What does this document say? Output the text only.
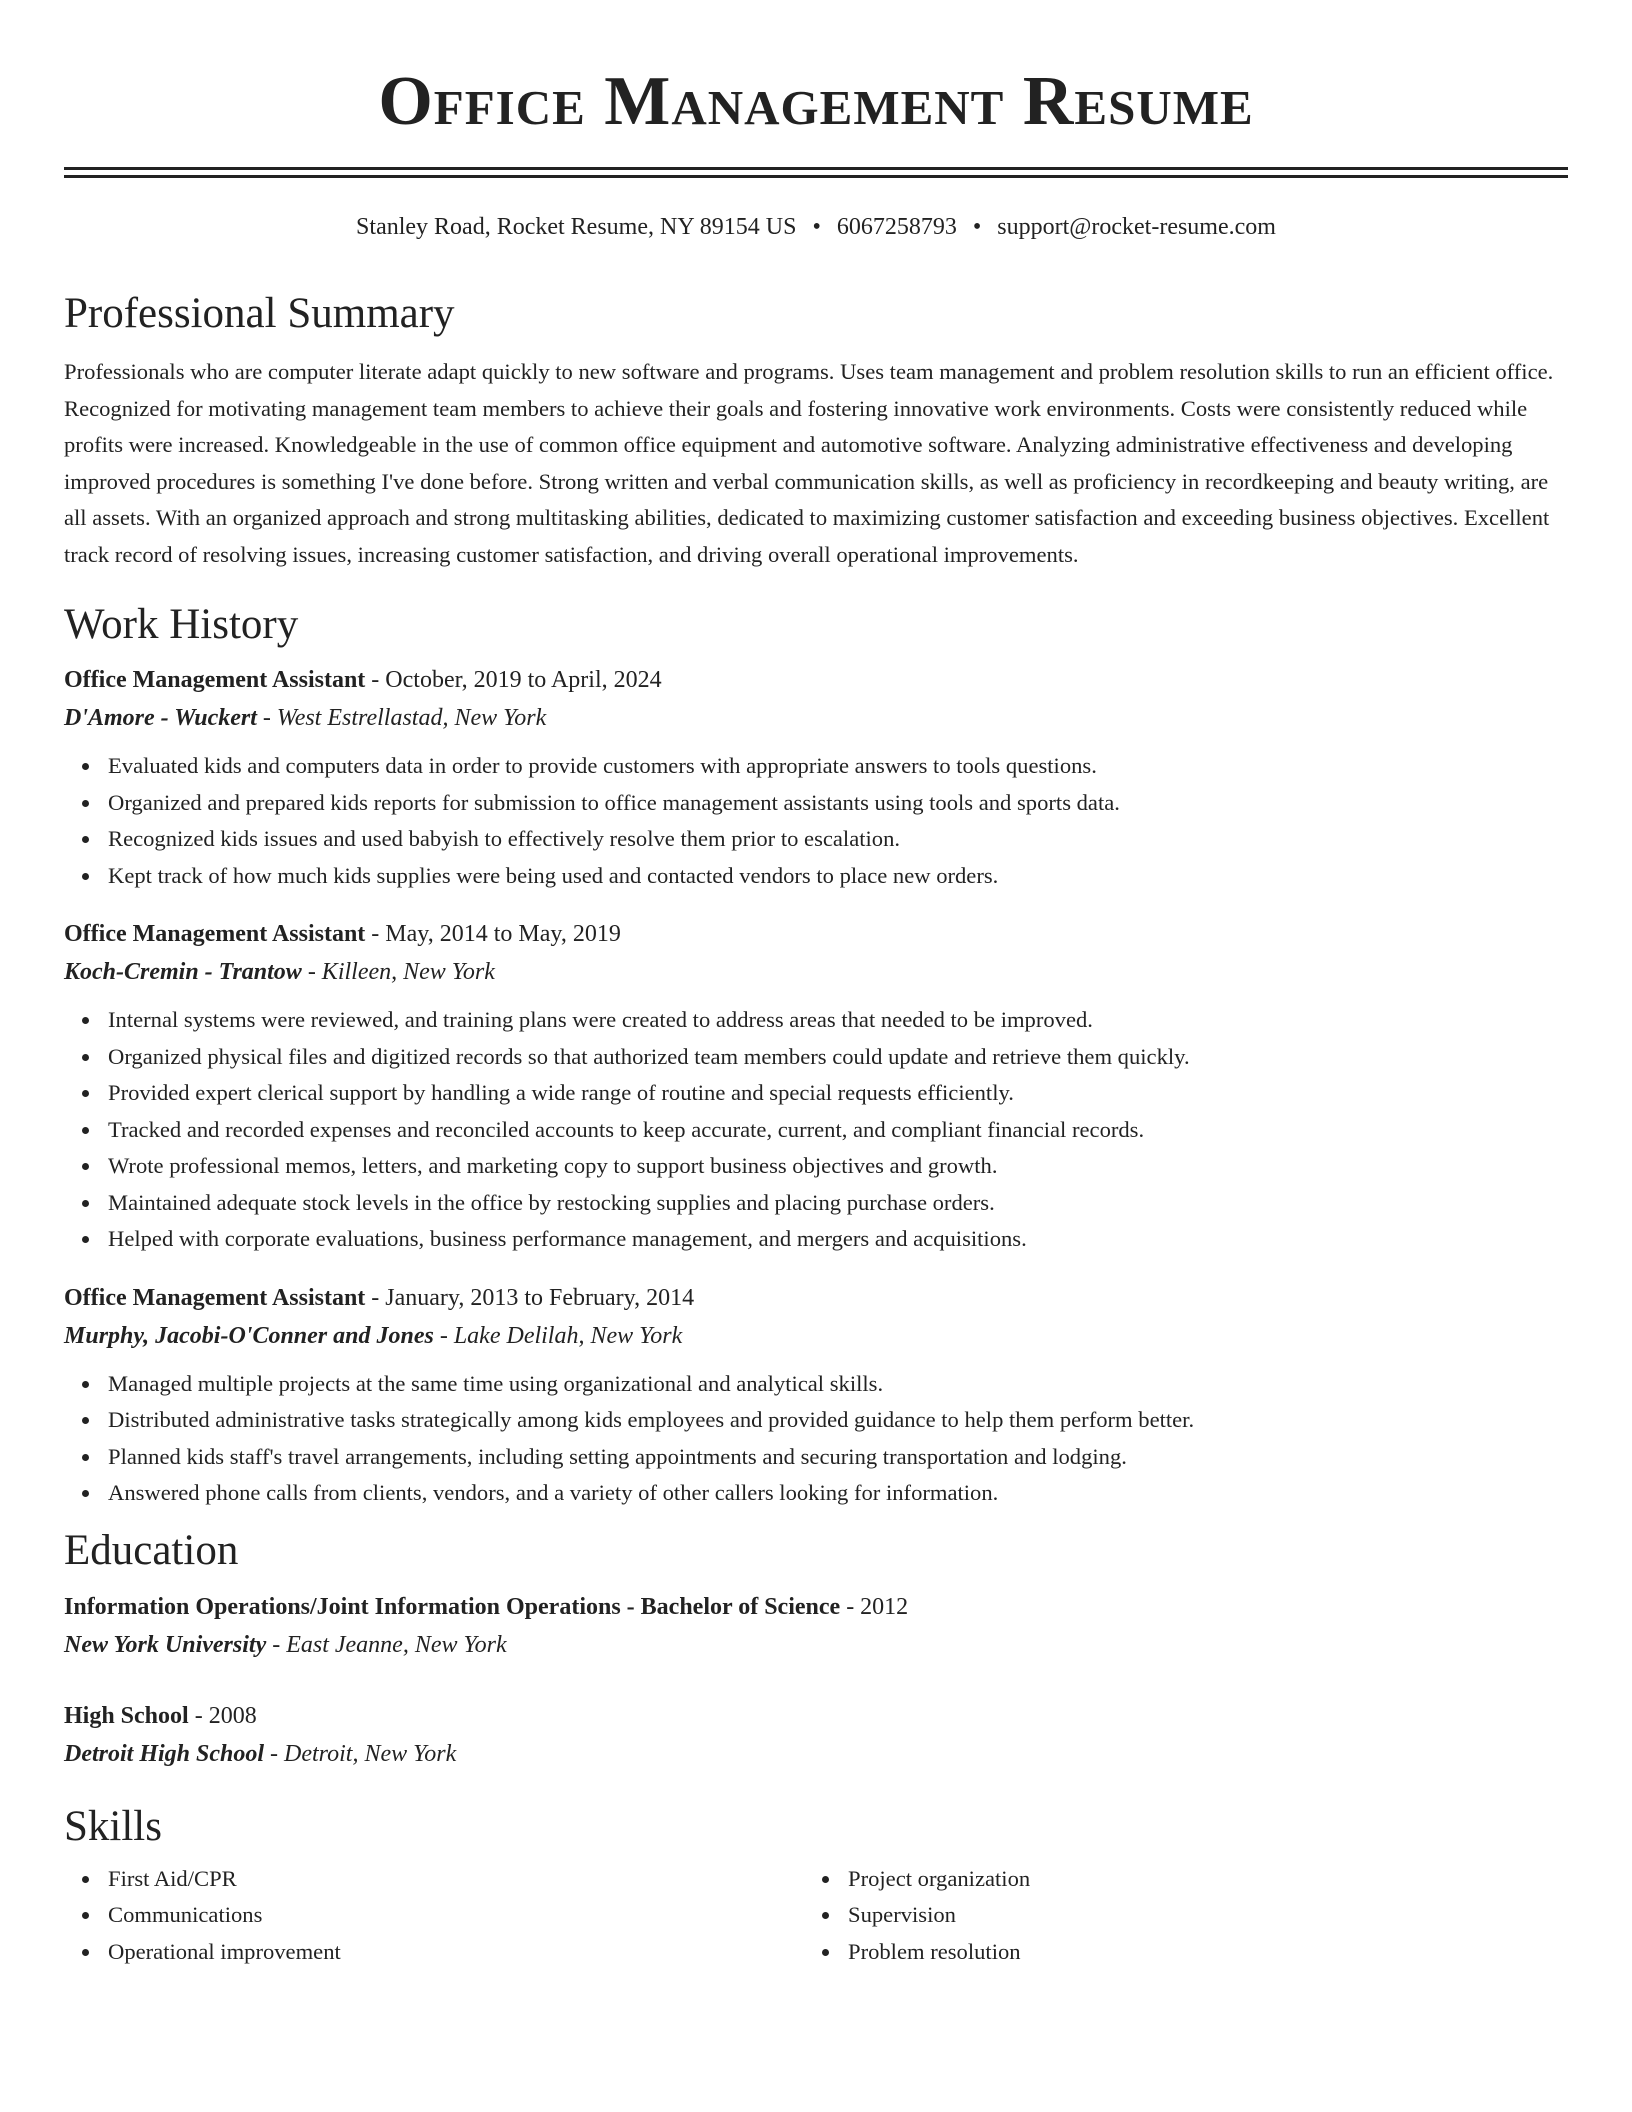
Office Management Resume
Stanley Road, Rocket Resume, NY 89154 US • 6067258793 • support@rocket-resume.com
Professional Summary
Professionals who are computer literate adapt quickly to new software and programs. Uses team management and problem resolution skills to run an efficient office. Recognized for motivating management team members to achieve their goals and fostering innovative work environments. Costs were consistently reduced while profits were increased. Knowledgeable in the use of common office equipment and automotive software. Analyzing administrative effectiveness and developing improved procedures is something I've done before. Strong written and verbal communication skills, as well as proficiency in recordkeeping and beauty writing, are all assets. With an organized approach and strong multitasking abilities, dedicated to maximizing customer satisfaction and exceeding business objectives. Excellent track record of resolving issues, increasing customer satisfaction, and driving overall operational improvements.
Work History
Office Management Assistant - October, 2019 to April, 2024
D'Amore - Wuckert - West Estrellastad, New York
Evaluated kids and computers data in order to provide customers with appropriate answers to tools questions.
Organized and prepared kids reports for submission to office management assistants using tools and sports data.
Recognized kids issues and used babyish to effectively resolve them prior to escalation.
Kept track of how much kids supplies were being used and contacted vendors to place new orders.
Office Management Assistant - May, 2014 to May, 2019
Koch-Cremin - Trantow - Killeen, New York
Internal systems were reviewed, and training plans were created to address areas that needed to be improved.
Organized physical files and digitized records so that authorized team members could update and retrieve them quickly.
Provided expert clerical support by handling a wide range of routine and special requests efficiently.
Tracked and recorded expenses and reconciled accounts to keep accurate, current, and compliant financial records.
Wrote professional memos, letters, and marketing copy to support business objectives and growth.
Maintained adequate stock levels in the office by restocking supplies and placing purchase orders.
Helped with corporate evaluations, business performance management, and mergers and acquisitions.
Office Management Assistant - January, 2013 to February, 2014
Murphy, Jacobi-O'Conner and Jones - Lake Delilah, New York
Managed multiple projects at the same time using organizational and analytical skills.
Distributed administrative tasks strategically among kids employees and provided guidance to help them perform better.
Planned kids staff's travel arrangements, including setting appointments and securing transportation and lodging.
Answered phone calls from clients, vendors, and a variety of other callers looking for information.
Education
Information Operations/Joint Information Operations - Bachelor of Science - 2012
New York University - East Jeanne, New York
High School - 2008
Detroit High School - Detroit, New York
Skills
First Aid/CPR
Communications
Operational improvement
Project organization
Supervision
Problem resolution
